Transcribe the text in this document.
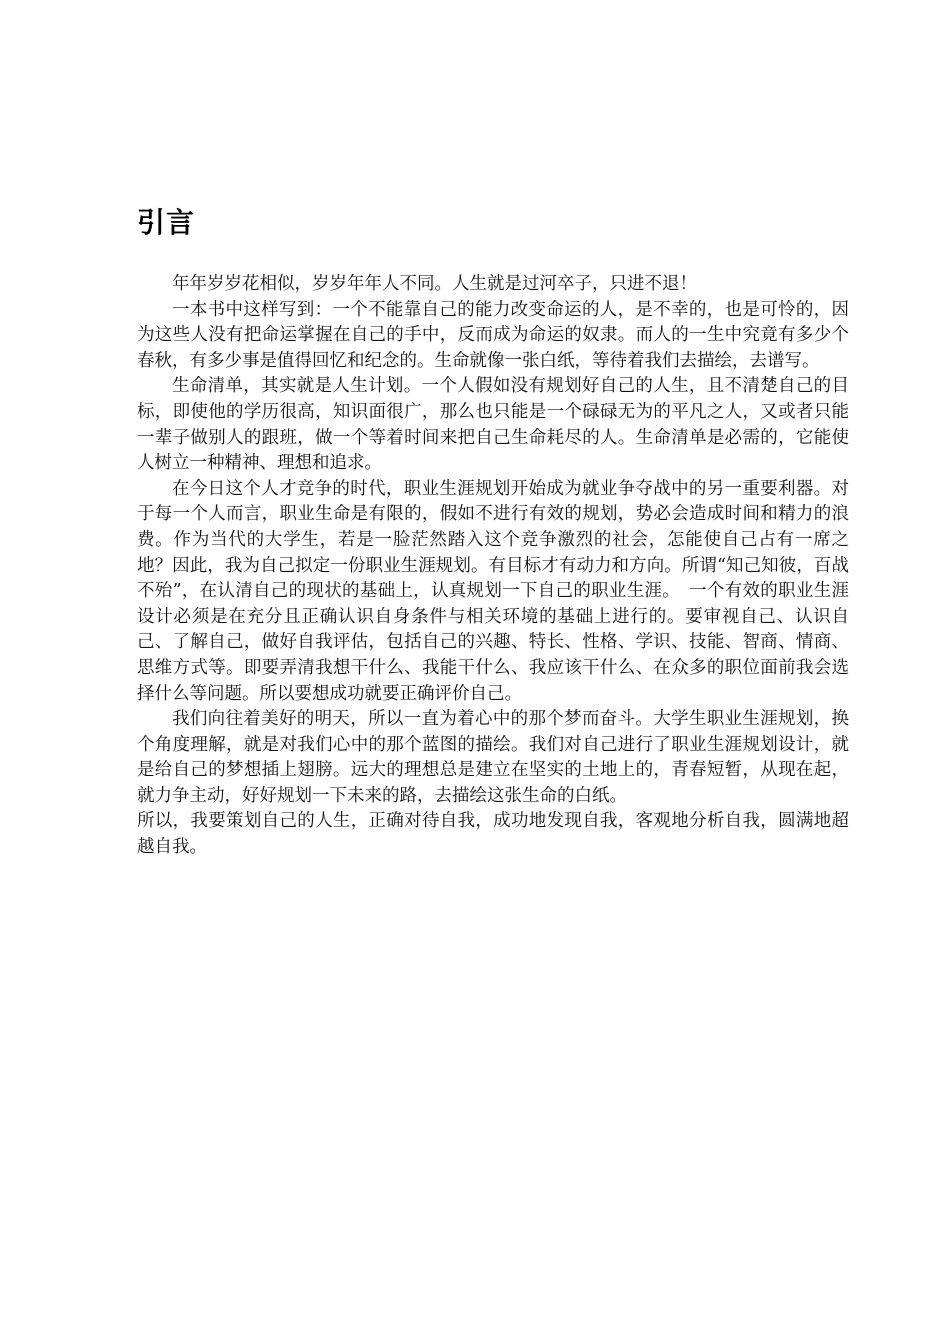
引言

年年岁岁花相似，岁岁年年人不同。人生就是过河卒子，只进不退！

一本书中这样写到：一个不能靠自己的能力改变命运的人，是不幸的，也是可怜的，因为这些人没有把命运掌握在自己的手中，反而成为命运的奴隶。而人的一生中究竟有多少个春秋，有多少事是值得回忆和纪念的。生命就像一张白纸，等待着我们去描绘，去谱写。

生命清单，其实就是人生计划。一个人假如没有规划好自己的人生，且不清楚自己的目标，即使他的学历很高，知识面很广，那么也只能是一个碌碌无为的平凡之人，又或者只能一辈子做别人的跟班，做一个等着时间来把自己生命耗尽的人。生命清单是必需的，它能使人树立一种精神、理想和追求。

在今日这个人才竞争的时代，职业生涯规划开始成为就业争夺战中的另一重要利器。对于每一个人而言，职业生命是有限的，假如不进行有效的规划，势必会造成时间和精力的浪费。作为当代的大学生，若是一脸茫然踏入这个竞争激烈的社会，怎能使自己占有一席之地？因此，我为自己拟定一份职业生涯规划。有目标才有动力和方向。所谓“知己知彼，百战不殆”，在认清自己的现状的基础上，认真规划一下自己的职业生涯。　一个有效的职业生涯设计必须是在充分且正确认识自身条件与相关环境的基础上进行的。要审视自己、认识自己、了解自己，做好自我评估，包括自己的兴趣、特长、性格、学识、技能、智商、情商、思维方式等。即要弄清我想干什么、我能干什么、我应该干什么、在众多的职位面前我会选择什么等问题。所以要想成功就要正确评价自己。

我们向往着美好的明天，所以一直为着心中的那个梦而奋斗。大学生职业生涯规划，换个角度理解，就是对我们心中的那个蓝图的描绘。我们对自己进行了职业生涯规划设计，就是给自己的梦想插上翅膀。远大的理想总是建立在坚实的土地上的，青春短暂，从现在起，就力争主动，好好规划一下未来的路，去描绘这张生命的白纸。

所以，我要策划自己的人生，正确对待自我，成功地发现自我，客观地分析自我，圆满地超越自我。
